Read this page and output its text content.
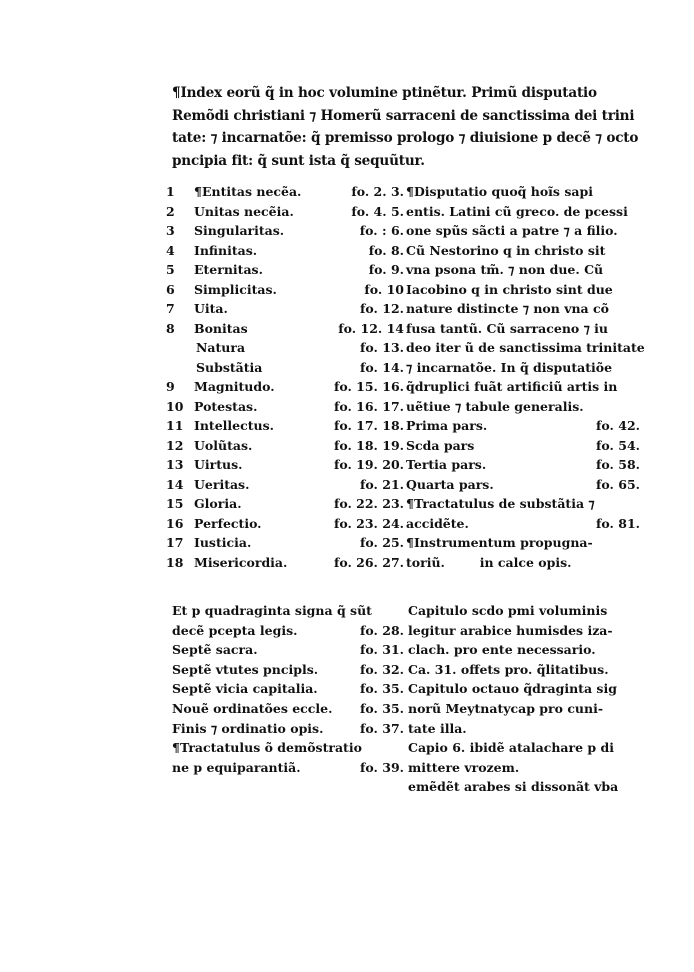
¶Index eorũ q̃ in hoc volumine ptinẽtur. Primũ disputatio
Remõdi christiani ⁊ Homerũ sarraceni de sanctissima dei trini
tate: ⁊ incarnatõe: q̃ premisso prologo ⁊ diuisione p decẽ ⁊ octo
pncipia fit: q̃ sunt ista q̃ sequũtur.
1	¶Entitas necẽa.	fo. 2. 3.
2	Unitas necẽia.	fo. 4. 5.
3	Singularitas.	fo. : 6.
4	Infinitas.	fo. 8.
5	Eternitas.	fo. 9.
6	Simplicitas.	fo. 10
7	Uita.	fo. 12.
8	Bonitas	fo. 12. 14
Natura	fo. 13.
Substãtia	fo. 14.
9	Magnitudo.	fo. 15. 16.
10 Potestas.	fo. 16. 17.
11 Intellectus.	fo. 17. 18.
12 Uolũtas.	fo. 18. 19.
13 Uirtus.	fo. 19. 20.
14 Ueritas.	fo. 21.
15 Gloria.	fo. 22. 23.
16 Perfectio.	fo. 23. 24.
17 Iusticia.	fo. 25.
18 Misericordia.	fo. 26. 27.
¶Disputatio quoq̃ hoĩs sapi
entis. Latini cũ greco. de pcessi
one spũs sãcti a patre ⁊ a filio.
Cũ Nestorino q in christo sit
vna psona tm̃. ⁊ non due. Cũ
Iacobino q in christo sint due
nature distincte ⁊ non vna cõ
fusa tantũ. Cũ sarraceno ⁊ iu
deo iter ũ de sanctissima trinitate
⁊ incarnatõe. In q̃ disputatiõe
q̃druplici fuãt artificiũ artis in
uẽtiue ⁊ tabule generalis.
Prima pars.	fo. 42.
Scda pars	fo. 54.
Tertia pars.	fo. 58.
Quarta pars.	fo. 65.
¶Tractatulus de substãtia ⁊
accidẽte.	fo. 81.
¶Instrumentum propugna-
toriũ.        in calce opis.
Et p quadraginta signa q̃ sũt
decẽ pcepta legis.	fo. 28.
Septẽ sacra.	fo. 31.
Septẽ vtutes pncipls.	fo. 32.
Septẽ vicia capitalia.	fo. 35.
Nouẽ ordinatões eccle. fo. 35.
Finis ⁊ ordinatio opis.	fo. 37.
¶Tractatulus õ demõstratio
ne p equiparantiã.	fo. 39.
Capitulo scdo pmi voluminis
legitur arabice humisdes iza-
clach. pro ente necessario.
Ca. 31. offets pro. q̃litatibus.
Capitulo octauo q̃draginta sig
norũ Meytnatycap pro cuni-
tate illa.
Capio 6. ibidẽ atalachare p di
mittere vrozem.
emẽdẽt arabes si dissonãt vba
